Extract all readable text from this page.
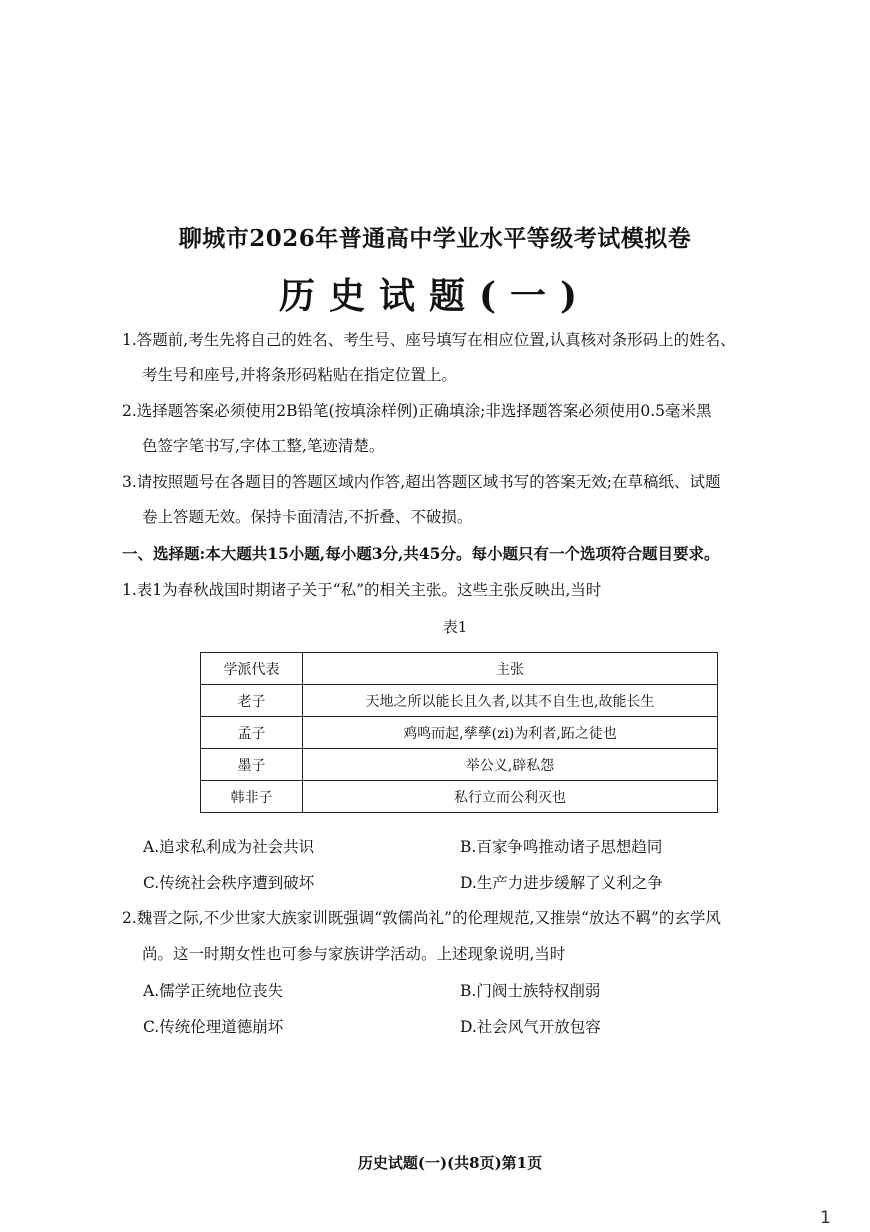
聊城市2026年普通高中学业水平等级考试模拟卷
历史试题(一)
1.答题前,考生先将自己的姓名、考生号、座号填写在相应位置,认真核对条形码上的姓名、
考生号和座号,并将条形码粘贴在指定位置上。
2.选择题答案必须使用2B铅笔(按填涂样例)正确填涂;非选择题答案必须使用0.5毫米黑
色签字笔书写,字体工整,笔迹清楚。
3.请按照题号在各题目的答题区域内作答,超出答题区域书写的答案无效;在草稿纸、试题
卷上答题无效。保持卡面清洁,不折叠、不破损。
一、选择题:本大题共15小题,每小题3分,共45分。每小题只有一个选项符合题目要求。
1.表1为春秋战国时期诸子关于“私”的相关主张。这些主张反映出,当时
表1
学派代表	主张
老子	天地之所以能长且久者,以其不自生也,故能长生
孟子	鸡鸣而起,孳孳(zi)为利者,跖之徒也
墨子	举公义,辟私怨
韩非子	私行立而公利灭也
A.追求私利成为社会共识	B.百家争鸣推动诸子思想趋同
C.传统社会秩序遭到破坏	D.生产力进步缓解了义利之争
2.魏晋之际,不少世家大族家训既强调“敦儒尚礼”的伦理规范,又推崇“放达不羁”的玄学风
尚。这一时期女性也可参与家族讲学活动。上述现象说明,当时
A.儒学正统地位丧失	B.门阀士族特权削弱
C.传统伦理道德崩坏	D.社会风气开放包容
历史试题(一)(共8页)第1页
1
